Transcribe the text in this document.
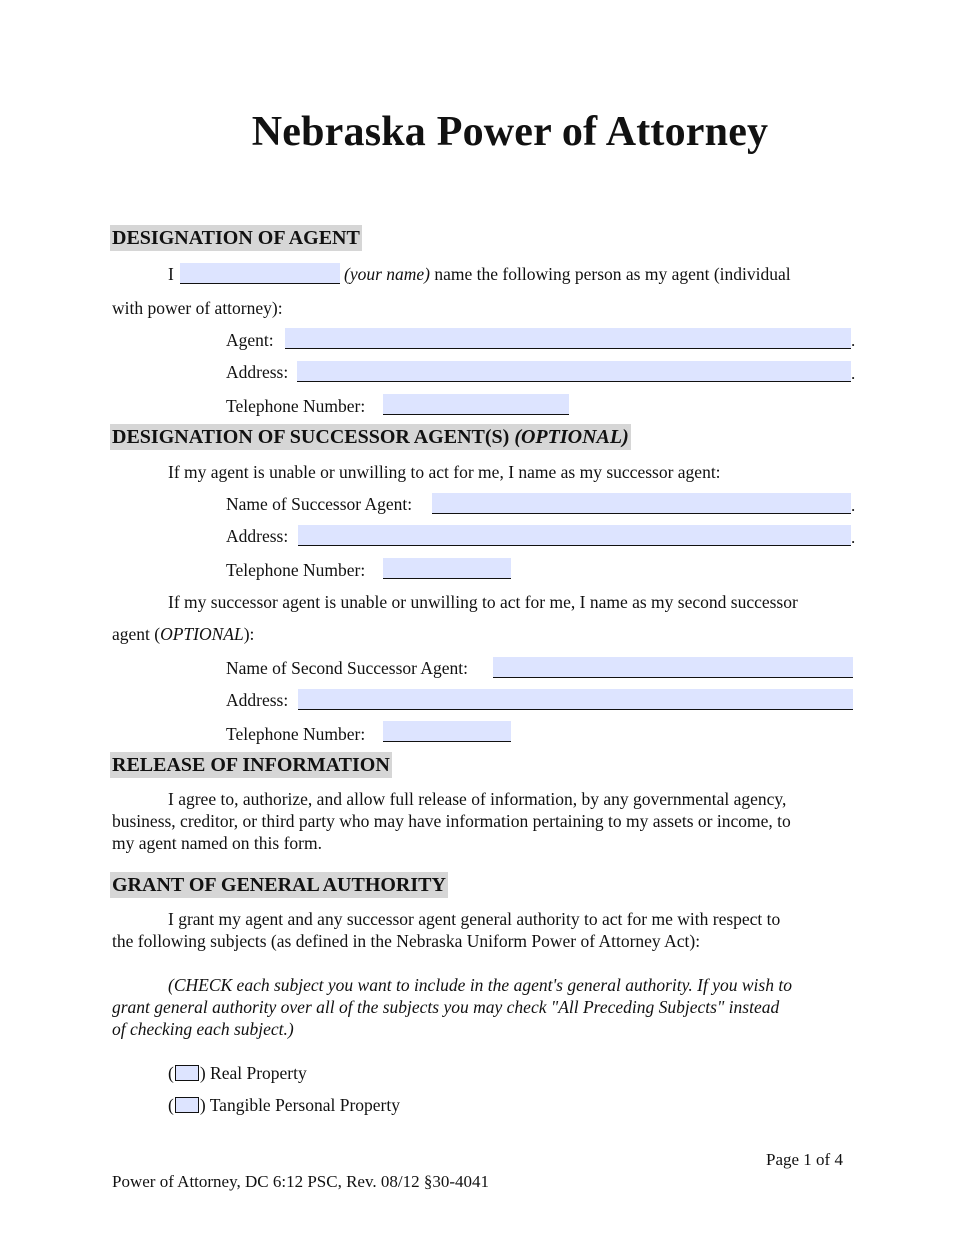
Nebraska Power of Attorney
DESIGNATION OF AGENT
I	(your name) name the following person as my agent (individual
with power of attorney):
Agent:	.
Address:	.
Telephone Number:
DESIGNATION OF SUCCESSOR AGENT(S) (OPTIONAL)
If my agent is unable or unwilling to act for me, I name as my successor agent:
Name of Successor Agent:	.
Address:	.
Telephone Number:
If my successor agent is unable or unwilling to act for me, I name as my second successor
agent (OPTIONAL):
Name of Second Successor Agent:
Address:
Telephone Number:
RELEASE OF INFORMATION
I agree to, authorize, and allow full release of information, by any governmental agency,
business, creditor, or third party who may have information pertaining to my assets or income, to
my agent named on this form.
GRANT OF GENERAL AUTHORITY
I grant my agent and any successor agent general authority to act for me with respect to
the following subjects (as defined in the Nebraska Uniform Power of Attorney Act):
(CHECK each subject you want to include in the agent's general authority. If you wish to
grant general authority over all of the subjects you may check "All Preceding Subjects" instead
of checking each subject.)
( ) Real Property
( ) Tangible Personal Property
Page 1 of 4
Power of Attorney, DC 6:12 PSC, Rev. 08/12 §30-4041
